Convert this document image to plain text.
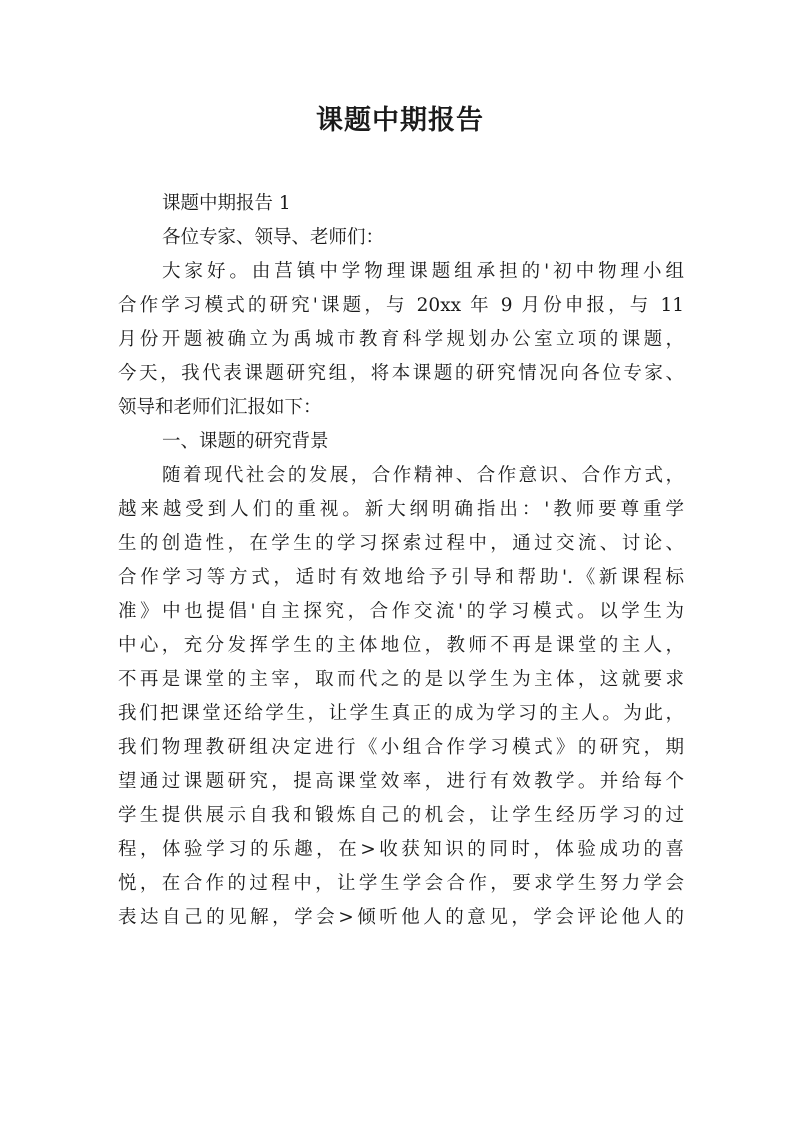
课题中期报告
课题中期报告 1
各位专家、领导、老师们：
大家好。由莒镇中学物理课题组承担的'初中物理小组
合作学习模式的研究'课题，与 20xx 年 9 月份申报，与 11
月份开题被确立为禹城市教育科学规划办公室立项的课题，
今天，我代表课题研究组，将本课题的研究情况向各位专家、
领导和老师们汇报如下：
一、课题的研究背景
随着现代社会的发展，合作精神、合作意识、合作方式，
越来越受到人们的重视。新大纲明确指出：'教师要尊重学
生的创造性，在学生的学习探索过程中，通过交流、讨论、
合作学习等方式，适时有效地给予引导和帮助'.《新课程标
准》中也提倡'自主探究，合作交流'的学习模式。以学生为
中心，充分发挥学生的主体地位，教师不再是课堂的主人，
不再是课堂的主宰，取而代之的是以学生为主体，这就要求
我们把课堂还给学生，让学生真正的成为学习的主人。为此，
我们物理教研组决定进行《小组合作学习模式》的研究，期
望通过课题研究，提高课堂效率，进行有效教学。并给每个
学生提供展示自我和锻炼自己的机会，让学生经历学习的过
程，体验学习的乐趣，在>收获知识的同时，体验成功的喜
悦，在合作的过程中，让学生学会合作，要求学生努力学会
表达自己的见解，学会>倾听他人的意见，学会评论他人的
